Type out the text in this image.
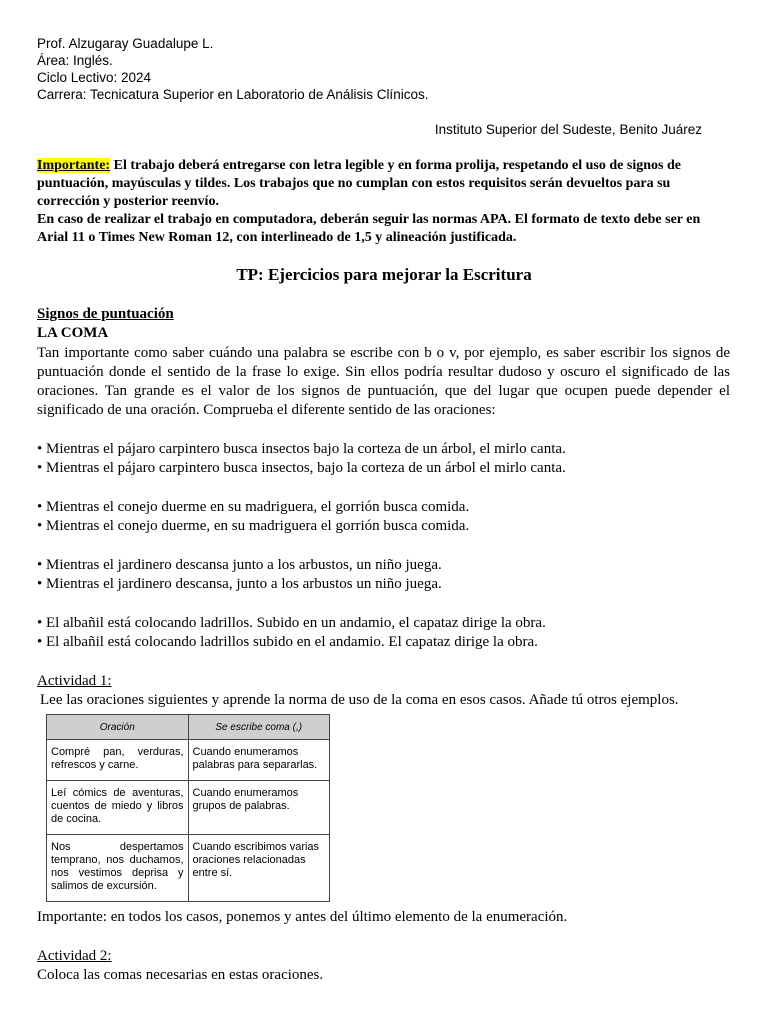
Prof. Alzugaray Guadalupe L.
Área: Inglés.
Ciclo Lectivo: 2024
Carrera: Tecnicatura Superior en Laboratorio de Análisis Clínicos.
Instituto Superior del Sudeste, Benito Juárez
Importante: El trabajo deberá entregarse con letra legible y en forma prolija, respetando el uso de signos de puntuación, mayúsculas y tildes. Los trabajos que no cumplan con estos requisitos serán devueltos para su corrección y posterior reenvío.
En caso de realizar el trabajo en computadora, deberán seguir las normas APA. El formato de texto debe ser en Arial 11 o Times New Roman 12, con interlineado de 1,5 y alineación justificada.
TP: Ejercicios para mejorar la Escritura
Signos de puntuación
LA COMA
Tan importante como saber cuándo una palabra se escribe con b o v, por ejemplo, es saber escribir los signos de puntuación donde el sentido de la frase lo exige. Sin ellos podría resultar dudoso y oscuro el significado de las oraciones. Tan grande es el valor de los signos de puntuación, que del lugar que ocupen puede depender el significado de una oración. Comprueba el diferente sentido de las oraciones:
• Mientras el pájaro carpintero busca insectos bajo la corteza de un árbol, el mirlo canta.
• Mientras el pájaro carpintero busca insectos, bajo la corteza de un árbol el mirlo canta.
• Mientras el conejo duerme en su madriguera, el gorrión busca comida.
• Mientras el conejo duerme, en su madriguera el gorrión busca comida.
• Mientras el jardinero descansa junto a los arbustos, un niño juega.
• Mientras el jardinero descansa, junto a los arbustos un niño juega.
• El albañil está colocando ladrillos. Subido en un andamio, el capataz dirige la obra.
• El albañil está colocando ladrillos subido en el andamio. El capataz dirige la obra.
Actividad 1:
Lee las oraciones siguientes y aprende la norma de uso de la coma en esos casos. Añade tú otros ejemplos.
Oración	Se escribe coma (,)
Compré pan, verduras, refrescos y carne.	Cuando enumeramos palabras para separarlas.
Leí cómics de aventuras, cuentos de miedo y libros de cocina.	Cuando enumeramos grupos de palabras.
Nos despertamos temprano, nos duchamos, nos vestimos deprisa y salimos de excursión.	Cuando escribimos varias oraciones relacionadas entre sí.
Importante: en todos los casos, ponemos y antes del último elemento de la enumeración.
Actividad 2:
Coloca las comas necesarias en estas oraciones.
